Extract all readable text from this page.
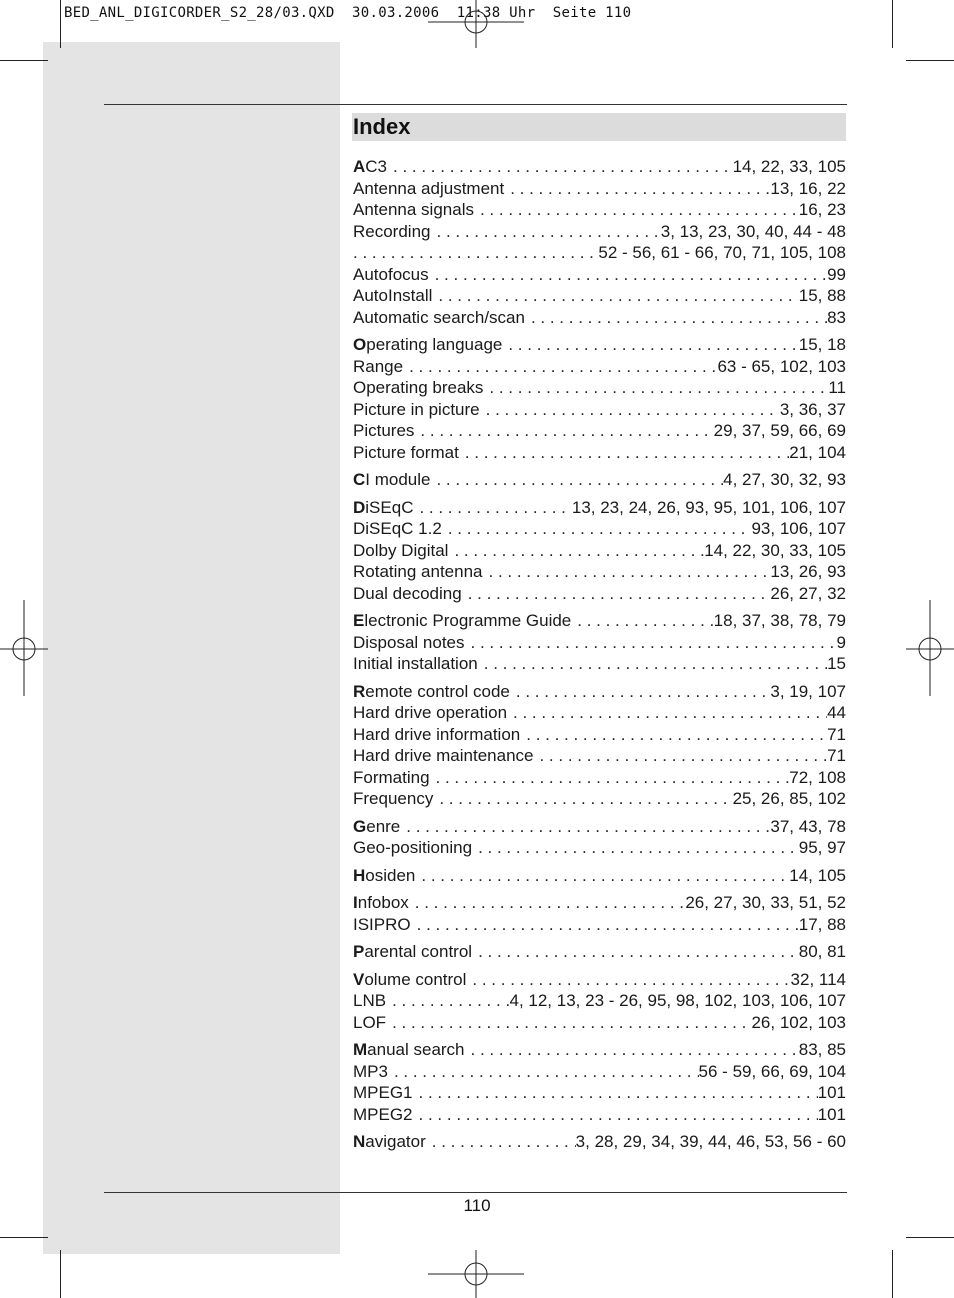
BED_ANL_DIGICORDER_S2_28/03.QXD  30.03.2006  11:38 Uhr  Seite 110
Index
AC3 . . .	14, 22, 33, 105
Antenna adjustment . . .	13, 16, 22
Antenna signals . . .	16, 23
Recording . . .	3, 13, 23, 30, 40, 44 - 48
. . .
52 - 56, 61 - 66, 70, 71, 105, 108
Autofocus . . .	99
AutoInstall . . .	15, 88
Automatic search/scan . . .	83
Operating language . . .	15, 18
Range . . .	63 - 65, 102, 103
Operating breaks . . .	11
Picture in picture . . .	3, 36, 37
Pictures . . .	29, 37, 59, 66, 69
Picture format . . .	21, 104
CI module . . .	4, 27, 30, 32, 93
DiSEqC . . .	13, 23, 24, 26, 93, 95, 101, 106, 107
DiSEqC 1.2 . . .	93, 106, 107
Dolby Digital . . .	14, 22, 30, 33, 105
Rotating antenna . . .	13, 26, 93
Dual decoding . . .	26, 27, 32
Electronic Programme Guide . . .	18, 37, 38, 78, 79
Disposal notes . . .	9
Initial installation . . .	15
Remote control code . . .	3, 19, 107
Hard drive operation . . .	44
Hard drive information . . .	71
Hard drive maintenance . . .	71
Formating . . .	72, 108
Frequency . . .	25, 26, 85, 102
Genre . . .	37, 43, 78
Geo-positioning . . .	95, 97
Hosiden . . .	14, 105
Infobox . . .	26, 27, 30, 33, 51, 52
ISIPRO . . .	17, 88
Parental control . . .	80, 81
Volume control . . .	32, 114
LNB . . .	4, 12, 13, 23 - 26, 95, 98, 102, 103, 106, 107
LOF . . .	26, 102, 103
Manual search . . .	83, 85
MP3 . . .	56 - 59, 66, 69, 104
MPEG1 . . .	101
MPEG2 . . .	101
Navigator . . .	3, 28, 29, 34, 39, 44, 46, 53, 56 - 60
110
